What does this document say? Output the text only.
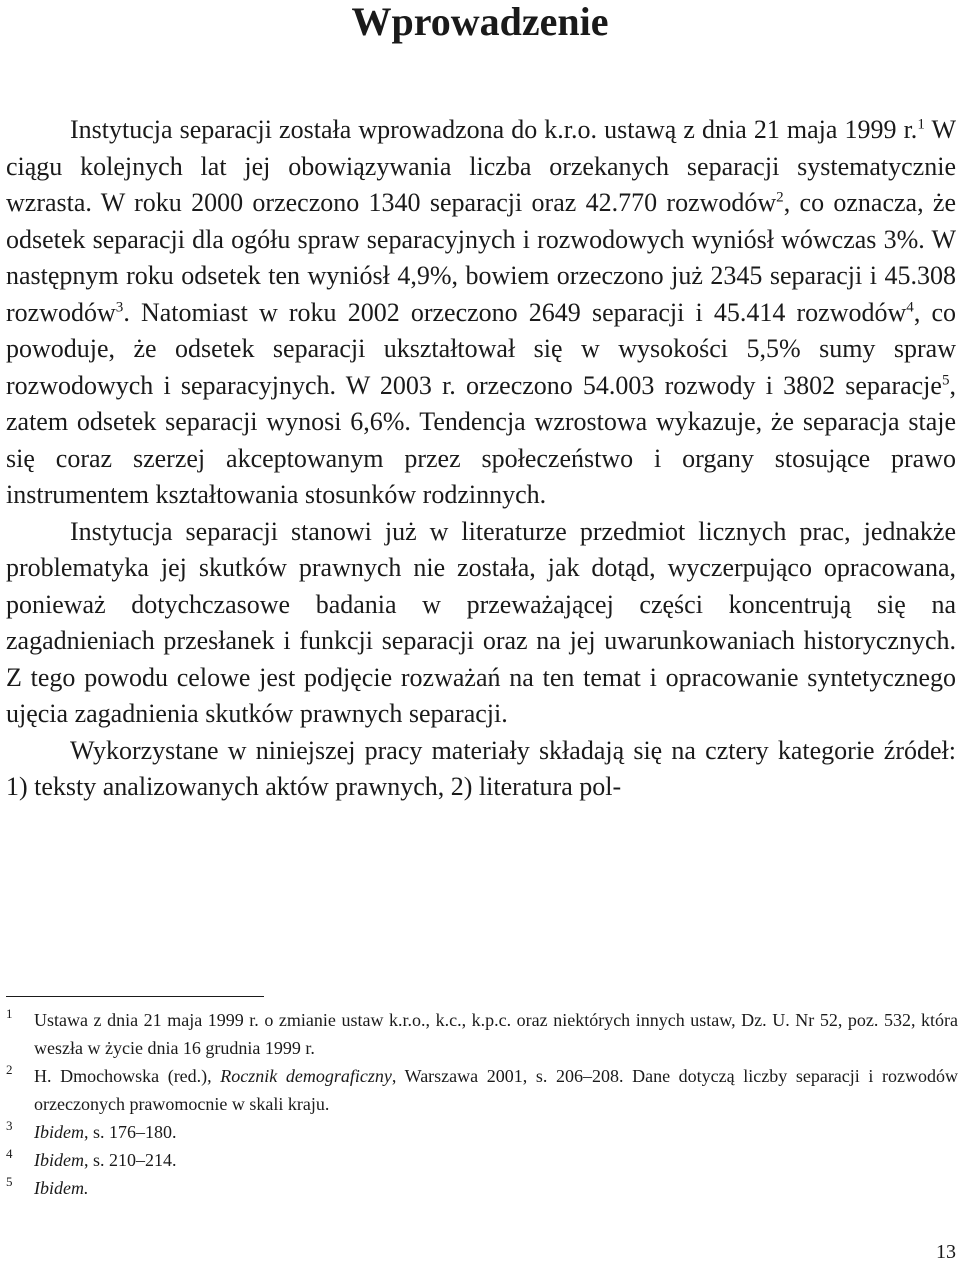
Wprowadzenie

Instytucja separacji została wprowadzona do k.r.o. ustawą z dnia 21 maja 1999 r.$^1$ W ciągu kolejnych lat jej obowiązywania liczba orzekanych separacji systematycznie wzrasta. W roku 2000 orzeczono 1340 separacji oraz 42.770 rozwodów$^2$, co oznacza, że odsetek separacji dla ogółu spraw separacyjnych i rozwodowych wyniósł wówczas 3%. W następnym roku odsetek ten wyniósł 4,9%, bowiem orzeczono już 2345 separacji i 45.308 rozwodów$^3$. Natomiast w roku 2002 orzeczono 2649 separacji i 45.414 rozwodów$^4$, co powoduje, że odsetek separacji ukształtował się w wysokości 5,5% sumy spraw rozwodowych i separacyjnych. W 2003 r. orzeczono 54.003 rozwody i 3802 separacje$^5$, zatem odsetek separacji wynosi 6,6%. Tendencja wzrostowa wykazuje, że separacja staje się coraz szerzej akceptowanym przez społeczeństwo i organy stosujące prawo instrumentem kształtowania stosunków rodzinnych.

Instytucja separacji stanowi już w literaturze przedmiot licznych prac, jednakże problematyka jej skutków prawnych nie została, jak dotąd, wyczerpująco opracowana, ponieważ dotychczasowe badania w przeważającej części koncentrują się na zagadnieniach przesłanek i funkcji separacji oraz na jej uwarunkowaniach historycznych. Z tego powodu celowe jest podjęcie rozważań na ten temat i opracowanie syntetycznego ujęcia zagadnienia skutków prawnych separacji.

Wykorzystane w niniejszej pracy materiały składają się na cztery kategorie źródeł: 1) teksty analizowanych aktów prawnych, 2) literatura pol-

1 Ustawa z dnia 21 maja 1999 r. o zmianie ustaw k.r.o., k.c., k.p.c. oraz niektórych innych ustaw, Dz. U. Nr 52, poz. 532, która weszła w życie dnia 16 grudnia 1999 r.
2 H. Dmochowska (red.), Rocznik demograficzny, Warszawa 2001, s. 206–208. Dane dotyczą liczby separacji i rozwodów orzeczonych prawomocnie w skali kraju.
3 Ibidem, s. 176–180.
4 Ibidem, s. 210–214.
5 Ibidem.
13
